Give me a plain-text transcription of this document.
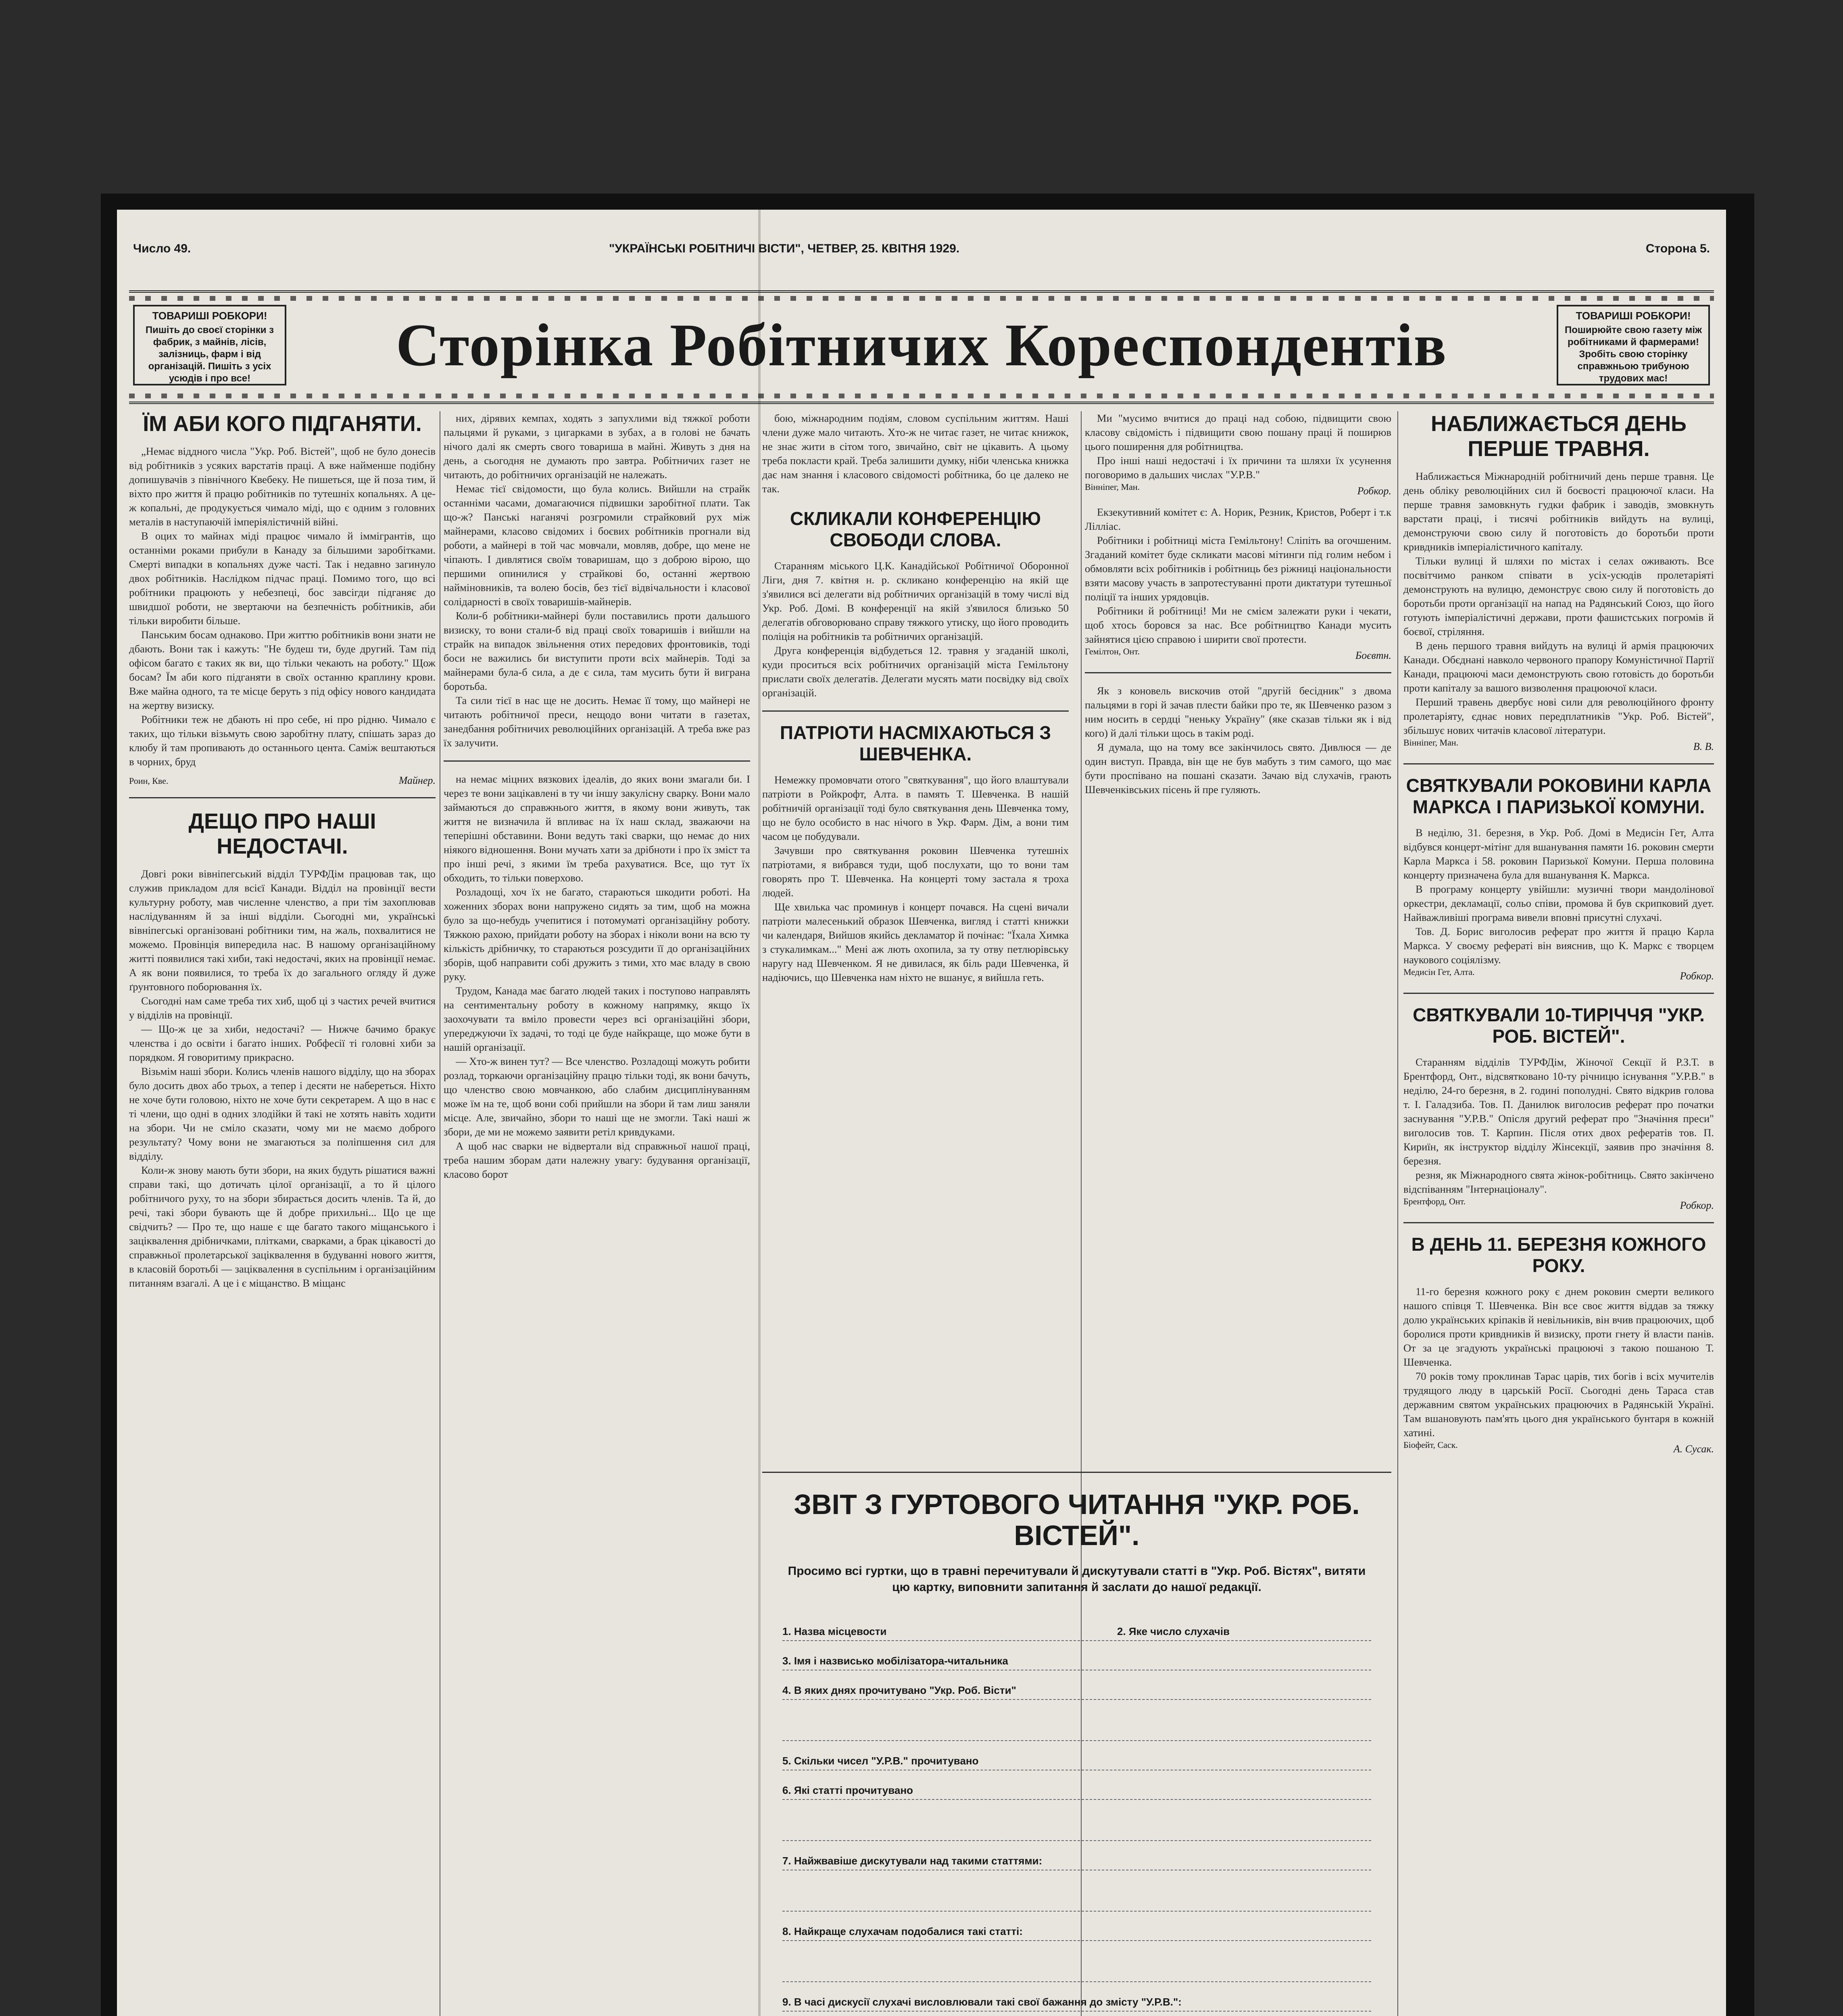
Число 49.	"УКРАЇНСЬКІ РОБІТНИЧІ ВІСТИ", ЧЕТВЕР, 25. КВІТНЯ 1929.	Сторона 5.
ТОВАРИШІ РОБКОРИ!
Пишіть до своєї сторінки з фабрик, з майнів, лісів, залізниць, фарм і від організацій. Пишіть з усіх усюдів і про все!	Сторінка Робітничих Кореспондентів	ТОВАРИШІ РОБКОРИ!
Поширюйте свою газету між робітниками й фармерами! Зробіть свою сторінку справжньою трибуною трудових мас!
ЇМ АБИ КОГО ПІДГАНЯТИ.

„Немає віддного числа "Укр. Роб. Вістей", щоб не було донесів від робітників з усяких варстатів праці. А вже найменше подібну допишувачів з північного Квебеку. Не пишеться, ще й поза тим, й віхто про життя й працю робітників по тутешніх копальнях. А це-ж копальні, де продукується чимало міді, що є одним з головних металів в наступаючій імперіялістичній війні.

В оцих то майнах міді працює чимало й іммігрантів, що останніми роками прибули в Канаду за більшими заробітками. Смерті випадки в копальнях дуже часті. Так і недавно загинуло двох робітників. Наслідком підчас праці. Помимо того, що всі робітники працюють у небезпеці, бос завсігди підганяє до швидшої роботи, не звертаючи на безпечність робітників, аби тільки виробити більше.

Панським босам однаково. При життю робітників вони знати не дбають. Вони так і кажуть: "Не будеш ти, буде другий. Там під офісом багато є таких як ви, що тільки чекають на роботу." Щож босам? Їм аби кого підганяти в своїх останню краплину крови. Вже майна одного, та те місце беруть з під офісу нового кандидата на жертву визиску.

Робітники теж не дбають ні про себе, ні про рідню. Чимало є таких, що тільки візьмуть свою заробітну плату, спішать зараз до клюбу й там пропивають до останнього цента. Саміж вештаються в чорних, бруд

Роин, Кве.	Майнер.
ДЕЩО ПРО НАШІ НЕДОСТАЧІ.

Довгі роки вівніпегський відділ ТУРФДім працював так, що служив прикладом для всієї Канади. Відділ на провінції вести культурну роботу, мав численне членство, а при тім захоплював наслідуванням й за інші відділи. Сьогодні ми, українські вівніпегські організовані робітники тим, на жаль, похвалитися не можемо. Провінція випередила нас. В нашому організаційному житті появилися такі хиби, такі недостачі, яких на провінції немає. А як вони появилися, то треба їх до загального огляду й дуже ґрунтовного поборювання їх.

Сьогодні нам саме треба тих хиб, щоб ці з частих речей вчитися у відділів на провінції.

— Що-ж це за хиби, недостачі? — Нижче бачимо бракує членства і до освіти і багато інших. Робфесії ті головні хиби за порядком. Я говоритиму прикрасно.

Візьмім наші збори. Колись членів нашого відділу, що на зборах було досить двох або трьох, а тепер і десяти не набереться. Ніхто не хоче бути головою, ніхто не хоче бути секретарем. А що в нас є ті члени, що одні в одних злодійки й такі не хотять навіть ходити на збори. Чи не сміло сказати, чому ми не маємо доброго результату? Чому вони не змагаються за поліпшення сил для відділу.

Коли-ж знову мають бути збори, на яких будуть рішатися важні справи такі, що дотичать цілої організації, а то й цілого робітничого руху, то на збори збирається досить членів. Та й, до речі, такі збори бувають ще й добре прихильні... Що це ще свідчить? — Про те, що наше є ще багато такого міщанського і заціквалення дрібничками, плітками, сварками, а брак цікавості до справжньої пролетарської заціквалення в будуванні нового життя, в класовій боротьбі — заціквалення в суспільним і організаційним питанням взагалі. А це і є міщанство. В міщанс

них, дірявих кемпах, ходять з запухлими від тяжкої роботи пальцями й руками, з цигарками в зубах, а в голові не бачать нічого далі як смерть свого товариша в майні. Живуть з дня на день, а сьогодня не думають про завтра. Робітничих газет не читають, до робітничих організацій не належать.

Немає тієї свідомости, що була колись. Вийшли на страйк останніми часами, домагаючися підвишки заробітної плати. Так що-ж? Панські наганячі розгромили страйковий рух між майнерами, класово свідомих і боєвих робітників прогнали від роботи, а майнері в той час мовчали, мовляв, добре, що мене не чіпають. І дивлятися своїм товаришам, що з доброю вірою, що першими опинилися у страйкові бо, останні жертвою найміновників, та волею босів, без тієї відвічальности і класової солідарності в своїх товаришів-майнерів.

Коли-б робітники-майнері були поставились проти дальшого визиску, то вони стали-б від праці своїх товаришів і вийшли на страйк на випадок звільнення отих передових фронтовиків, тоді боси не важились би виступити проти всіх майнерів. Тоді за майнерами була-б сила, а де є сила, там мусить бути й виграна боротьба.

Та сили тієї в нас ще не досить. Немає її тому, що майнері не читають робітничої преси, нещодо вони читати в газетах, занедбання робітничих революційних організацій. А треба вже раз їх залучити.

на немає міцних вязкових ідеалів, до яких вони змагали би. І через те вони зацікавлені в ту чи іншу закулісну сварку. Вони мало займаються до справжнього життя, в якому вони живуть, так життя не визначила й впливає на їх наш склад, зважаючи на теперішні обставини. Вони ведуть такі сварки, що немає до них ніякого відношення. Вони мучать хати за дрібноти і про їх зміст та про інші речі, з якими їм треба рахуватися. Все, що тут їх обходить, то тільки поверхово.

Розладощі, хоч їх не багато, стараються шкодити роботі. На хоженних зборах вони напружено сидять за тим, щоб на можна було за що-небудь учепитися і потомуматі організаційну роботу. Тяжкою рахою, прийдати роботу на зборах і ніколи вони на всю ту кількість дрібничку, то стараються розсудити її до організаційних зборів, щоб направити собі дружить з тими, хто має владу в свою руку.

Трудом, Канада має багато людей таких і поступово направлять на сентиментальну роботу в кожному напрямку, якщо їх заохочувати та вміло провести через всі організаційні збори, упереджуючи їх задачі, то тоді це буде найкраще, що може бути в нашій організації.

— Хто-ж винен тут? — Все членство. Розладощі можуть робити розлад, торкаючи організаційну працю тільки тоді, як вони бачуть, що членство свою мовчанкою, або слабим дисциплінуванням може їм на те, щоб вони собі прийшли на збори й там лиш заняли місце. Але, звичайно, збори то наші ще не змогли. Такі наші ж збори, де ми не можемо заявити ретіл кривдуками.

А щоб нас сварки не відвертали від справжньої нашої праці, треба нашим зборам дати належну увагу: будування організації, класово борот

бою, міжнародним подіям, словом суспільним життям. Наші члени дуже мало читають. Хто-ж не читає газет, не читає книжок, не знає жити в сітом того, звичайно, світ не цікавить. А цьому треба покласти край. Треба залишити думку, ніби членська книжка дає нам знання і класового свідомості робітника, бо це далеко не так.

СКЛИКАЛИ КОНФЕРЕНЦІЮ СВОБОДИ СЛОВА.

Старанням міського Ц.К. Канадійської Робітничої Оборонної Ліги, дня 7. квітня н. р. скликано конференцію на якій ще з'явилися всі делегати від робітничих організацій в тому числі від Укр. Роб. Домі. В конференції на якій з'явилося близько 50 делегатів обговорювано справу тяжкого утиску, що його проводить поліція на робітників та робітничих організацій.

Друга конференція відбудеться 12. травня у згаданій школі, куди проситься всіх робітничих організацій міста Гемільтону прислати своїх делегатів. Делегати мусять мати посвідку від своїх організацій.

ПАТРІОТИ НАСМІХАЮТЬСЯ З ШЕВЧЕНКА.

Немежку промовчати отого "святкування", що його влаштували патріоти в Ройкрофт, Алта. в память Т. Шевченка. В нашій робітничій організації тоді було святкування день Шевченка тому, що не було особисто в нас нічого в Укр. Фарм. Дім, а вони тим часом це побудували.

Зачувши про святкування роковин Шевченка тутешніх патріотами, я вибрався туди, щоб послухати, що то вони там говорять про Т. Шевченка. На концерті тому застала я троха людей.

Ще хвилька час проминув і концерт почався. На сцені вичали патріоти малесенький образок Шевченка, вигляд і статті книжки чи календаря, Вийшов якийсь декламатор й почінає: "Їхала Химка з стукалимкам..." Мені аж лють охопила, за ту отву петлюрівську наругу над Шевченком. Я не дивилася, як біль ради Шевченка, й надіючись, що Шевченка нам ніхто не вшанує, я вийшла геть.

Ми "мусимо вчитися до праці над собою, підвищити свою класову свідомість і підвищити свою пошану праці й поширюв цього поширення для робітництва.

Про інші наші недостачі і їх причини та шляхи їх усунення поговоримо в дальших числах "У.Р.В."

Вінніпег, Ман.	Робкор.

Екзекутивний комітет є: А. Норик, Резник, Кристов, Роберт і т.к Лілліас.

Робітники і робітниці міста Гемільтону! Сліпіть ва огочшеним. Згаданий комітет буде скликати масові мітинги під голим небом і обмовляти всіх робітників і робітниць без ріжниці національности взяти масову участь в запротестуванні проти диктатури тутешньої поліції та інших урядовців.

Робітники й робітниці! Ми не смієм залежати руки і чекати, щоб хтось боровся за нас. Все робітництво Канади мусить зайнятися цією справою і ширити свої протести.

Гемілтон, Онт.	Боєвтн.

Як з коновель вискочив отой "другій бесідник" з двома пальцями в горі й зачав плести байки про те, як Шевченко разом з ним носить в сердці "неньку Україну" (яке сказав тільки як і від кого) й далі тільки щось в такім роді.

Я думала, що на тому все закінчилось свято. Дивлюся — де один виступ. Правда, він ще не був мабуть з тим самого, що має бути проспівано на пошані сказати. Зачаю від слухачів, грають Шевченківських пісень й пре гуляють.

ЗВІТ З ГУРТОВОГО ЧИТАННЯ "УКР. РОБ. ВІСТЕЙ".
Просимо всі гуртки, що в травні перечитували й дискутували статті в "Укр. Роб. Вістях", витяти цю картку, виповнити запитання й заслати до нашої редакції.
1. Назва місцевости	2. Яке число слухачів
3. Імя і назвисько мобілізатора-читальника
4. В яких днях прочитувано "Укр. Роб. Вісти"
5. Скільки чисел "У.Р.В." прочитувано
6. Які статті прочитувано
7. Найжвавіше дискутували над такими статтями:
8. Найкраще слухачам подобалися такі статті:
9. В часі дискусії слухачі висловлювали такі свої бажання до змісту "У.Р.В.":
НАБЛИЖАЄТЬСЯ ДЕНЬ ПЕРШЕ ТРАВНЯ.

Наближається Міжнародній робітничий день перше травня. Це день обліку революційних сил й боєвості працюючої класи. На перше травня замовкнуть гудки фабрик і заводів, змовкнуть варстати праці, і тисячі робітників вийдуть на вулиці, демонструючи свою силу й поготовість до боротьби проти кривдників імперіалістичного капіталу.

Тільки вулиці й шляхи по містах і селах оживають. Все посвітчимо ранком співати в усіх-усюдів пролетаріяті демонструють на вулицю, демонструє свою силу й поготовість до боротьби проти організації на напад на Радянський Союз, що його готують імперіалістичні держави, проти фашистських погромів й боєвої, стріляння.

В день першого травня вийдуть на вулиці й армія працюючих Канади. Обєднані навколо червоного прапору Комуністичної Партії Канади, працюючі маси демонструють свою готовість до боротьби проти капіталу за вашого визволення працюючої класи.

Перший травень двербує нові сили для революційного фронту пролетаріяту, єднає нових передплатників "Укр. Роб. Вістей", збільшує нових читачів класової літератури.

Вінніпег, Ман.	В. В.
СВЯТКУВАЛИ РОКОВИНИ КАРЛА МАРКСА І ПАРИЗЬКОЇ КОМУНИ.

В неділю, 31. березня, в Укр. Роб. Домі в Медисін Гет, Алта відбувся концерт-мітінг для вшанування памяти 16. роковин смерти Карла Маркса і 58. роковин Паризької Комуни. Перша половина концерту призначена була для вшанування К. Маркса.

В програму концерту увійшли: музичні твори мандолінової оркестри, декламації, сольо співи, промова й був скрипковий дует. Найважливіші програма вивели вповні присутні слухачі.

Тов. Д. Борис виголосив реферат про життя й працю Карла Маркса. У своєму рефераті він вияснив, що К. Маркс є творцем наукового соціялізму.

Медисін Гет, Алта.	Робкор.
СВЯТКУВАЛИ 10-ТИРІЧЧЯ "УКР. РОБ. ВІСТЕЙ".

Старанням відділів ТУРФДім, Жіночої Секції й Р.З.Т. в Брентфорд, Онт., відсвятковано 10-ту річницю існування "У.Р.В." в неділю, 24-го березня, в 2. годині пополудні. Свято відкрив голова т. І. Галадзиба. Тов. П. Данилюк виголосив реферат про початки заснування "У.Р.В." Опісля другий реферат про "Значіння преси" виголосив тов. Т. Карпин. Після отих двох рефератів тов. П. Кириїн, як інструктор відділу Жінсекції, заявив про значіння 8. березня.

резня, як Міжнародного свята жінок-робітниць. Свято закінчено відспіванням "Інтернаціоналу".

Брентфорд, Онт.	Робкор.
В ДЕНЬ 11. БЕРЕЗНЯ КОЖНОГО РОКУ.

11-го березня кожного року є днем роковин смерти великого нашого співця Т. Шевченка. Він все своє життя віддав за тяжку долю українських кріпаків й невільників, він вчив працюючих, щоб боролися проти кривдників й визиску, проти гнету й власти панів. От за це згадують українські працюючі з такою пошаною Т. Шевченка.

70 років тому проклинав Тарас царів, тих богів і всіх мучителів трудящого люду в царській Росії. Сьогодні день Тараса став державним святом українських працюючих в Радянській Україні. Там вшановують пам'ять цього дня українського бунтаря в кожній хатині.

Біофейт, Саск.	А. Сусак.
